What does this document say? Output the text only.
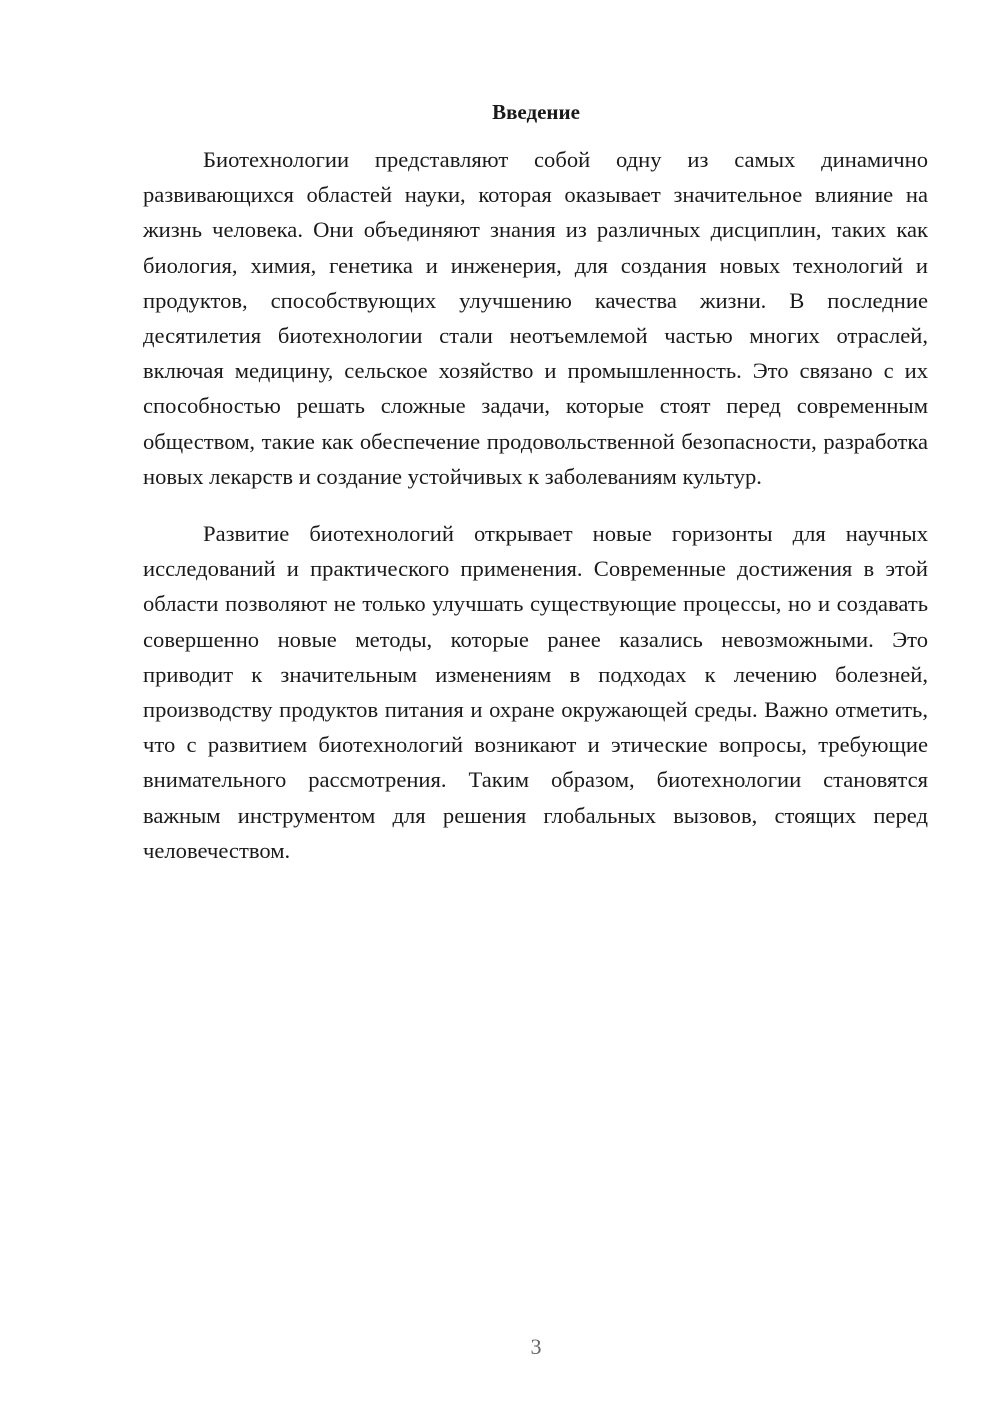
Введение

Биотехнологии представляют собой одну из самых динамично развивающихся областей науки, которая оказывает значительное влияние на жизнь человека. Они объединяют знания из различных дисциплин, таких как биология, химия, генетика и инженерия, для создания новых технологий и продуктов, способствующих улучшению качества жизни. В последние десятилетия биотехнологии стали неотъемлемой частью многих отраслей, включая медицину, сельское хозяйство и промышленность. Это связано с их способностью решать сложные задачи, которые стоят перед современным обществом, такие как обеспечение продовольственной безопасности, разработка новых лекарств и создание устойчивых к заболеваниям культур.

Развитие биотехнологий открывает новые горизонты для научных исследований и практического применения. Современные достижения в этой области позволяют не только улучшать существующие процессы, но и создавать совершенно новые методы, которые ранее казались невозможными. Это приводит к значительным изменениям в подходах к лечению болезней, производству продуктов питания и охране окружающей среды. Важно отметить, что с развитием биотехнологий возникают и этические вопросы, требующие внимательного рассмотрения. Таким образом, биотехнологии становятся важным инструментом для решения глобальных вызовов, стоящих перед человечеством.

3
